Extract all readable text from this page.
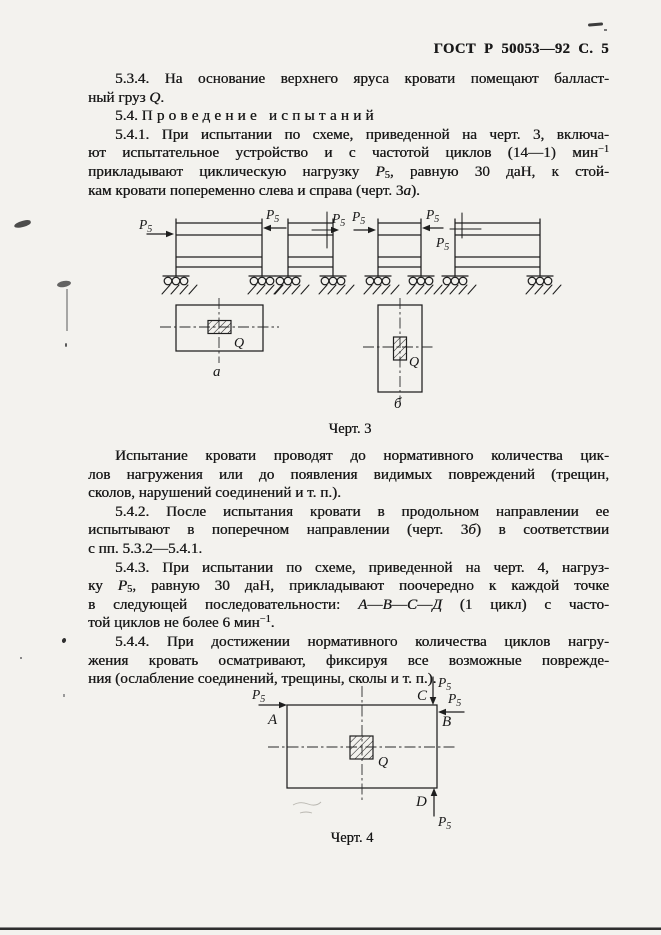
ГОСТ Р 50053—92 С. 5
5.3.4. На основание верхнего яруса кровати помещают балласт-
ный груз Q.
5.4. Проведение испытаний
5.4.1. При испытании по схеме, приведенной на черт. 3, включа-
ют испытательное устройство и с частотой циклов (14—1) мин$^{-1}$
прикладывают циклическую нагрузку $P_5$, равную 30 даН, к стой-
кам кровати попеременно слева и справа (черт. 3а).
$P_5$
$P_5$	$P_5$ $P_5$	$P_5$
$P_5$
Q
а
Q
б
Черт. 3
Испытание кровати проводят до нормативного количества цик-
лов нагружения или до появления видимых повреждений (трещин,
сколов, нарушений соединений и т. п.).
5.4.2. После испытания кровати в продольном направлении ее
испытывают в поперечном направлении (черт. 3б) в соответствии
с пп. 5.3.2—5.4.1.
5.4.3. При испытании по схеме, приведенной на черт. 4, нагруз-
ку $P_5$, равную 30 даН, прикладывают поочередно к каждой точке
в следующей последовательности: А—В—С—Д (1 цикл) с часто-
той циклов не более 6 мин$^{-1}$.
5.4.4. При достижении нормативного количества циклов нагру-
жения кровать осматривают, фиксируя все возможные поврежде-
ния (ослабление соединений, трещины, сколы и т. п.).
Q
$P_5$
A
$P_5$
C $P_5$
B
$P_5$
D
Черт. 4
